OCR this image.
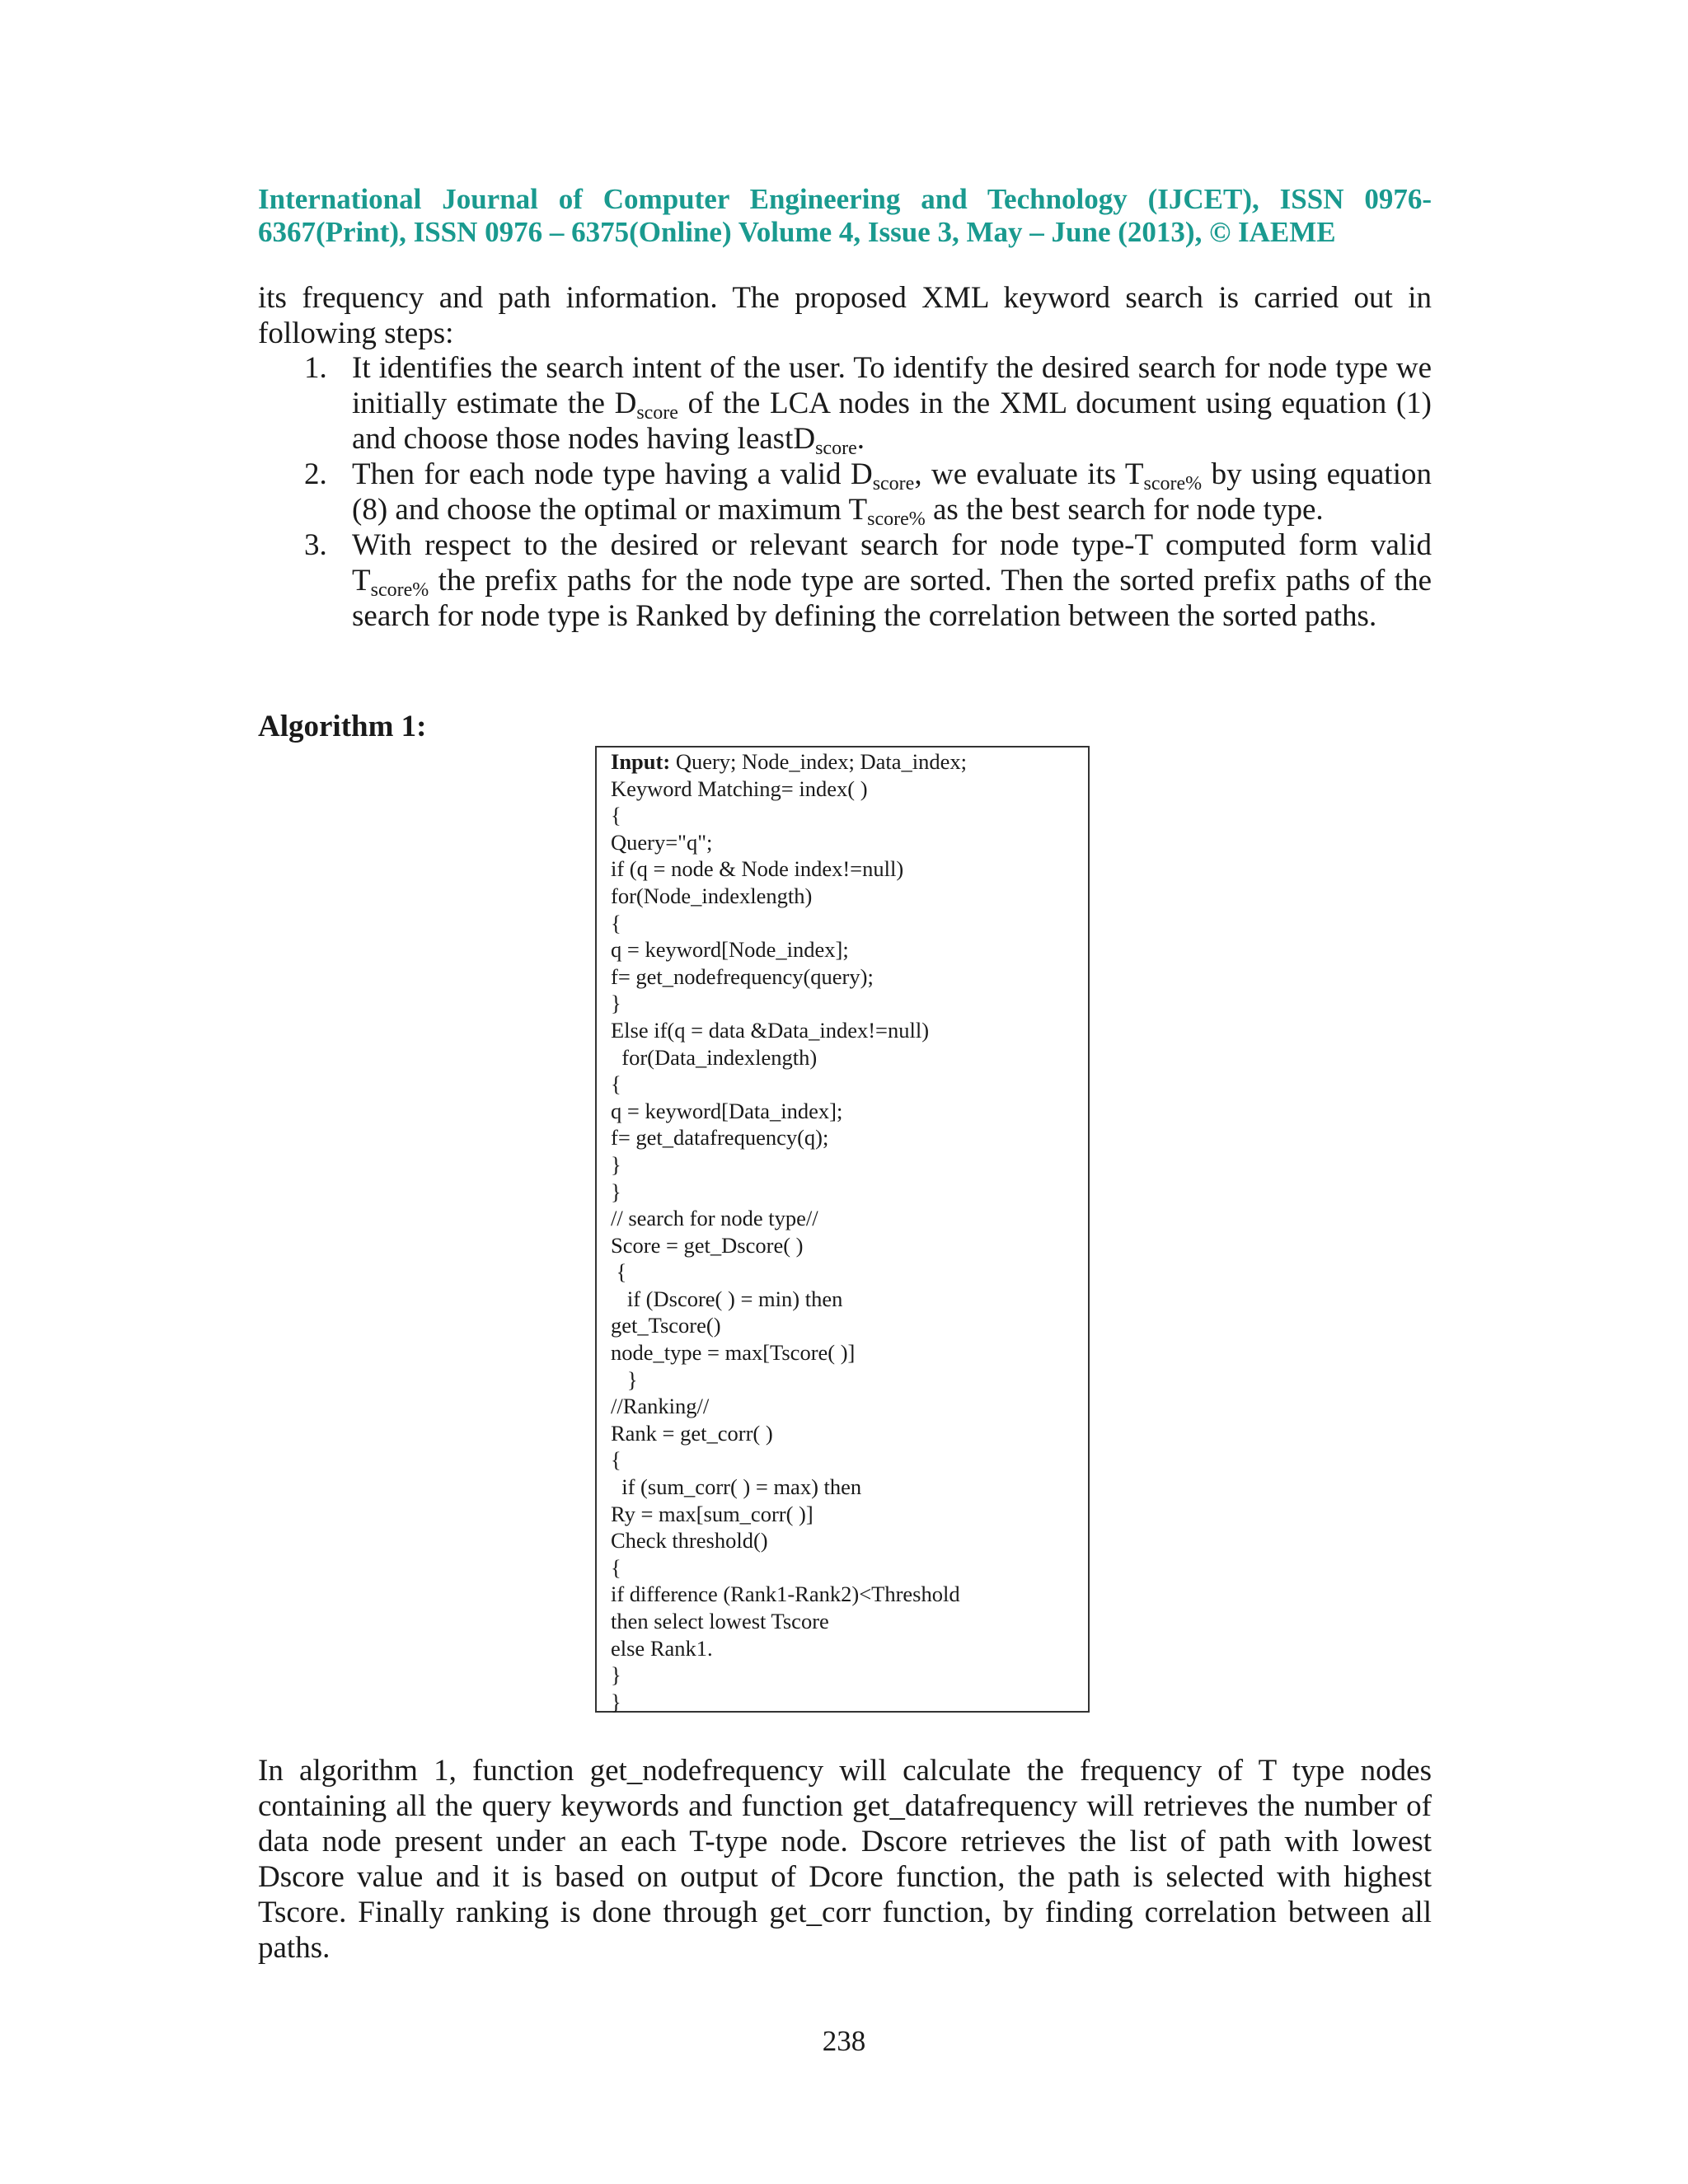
International Journal of Computer Engineering and Technology (IJCET), ISSN 0976-6367(Print), ISSN 0976 – 6375(Online) Volume 4, Issue 3, May – June (2013), © IAEME
its frequency and path information. The proposed XML keyword search is carried out in following steps:
1. It identifies the search intent of the user. To identify the desired search for node type we initially estimate the $D_{score}$ of the LCA nodes in the XML document using equation (1) and choose those nodes having leastD$_{score}$.
2. Then for each node type having a valid $D_{score}$, we evaluate its $T_{score\%}$ by using equation (8) and choose the optimal or maximum $T_{score\%}$ as the best search for node type.
3. With respect to the desired or relevant search for node type-T computed form valid $T_{score\%}$ the prefix paths for the node type are sorted. Then the sorted prefix paths of the search for node type is Ranked by defining the correlation between the sorted paths.
Algorithm 1:
Input: Query; Node_index; Data_index;
Keyword Matching= index( )
{
Query="q";
if (q = node & Node index!=null)
for(Node_indexlength)
{
q = keyword[Node_index];
f= get_nodefrequency(query);
}
Else if(q = data &Data_index!=null)
for(Data_indexlength)
{
q = keyword[Data_index];
f= get_datafrequency(q);
}
}
// search for node type//
Score = get_Dscore( )
{
if (Dscore( ) = min) then
get_Tscore()
node_type = max[Tscore( )]
}
//Ranking//
Rank = get_corr( )
{
if (sum_corr( ) = max) then
Ry = max[sum_corr( )]
Check threshold()
{
if difference (Rank1-Rank2)<Threshold
then select lowest Tscore
else Rank1.
}
}
In algorithm 1, function get_nodefrequency will calculate the frequency of T type nodes containing all the query keywords and function get_datafrequency will retrieves the number of data node present under an each T-type node. Dscore retrieves the list of path with lowest Dscore value and it is based on output of Dcore function, the path is selected with highest Tscore. Finally ranking is done through get_corr function, by finding correlation between all paths.
238
